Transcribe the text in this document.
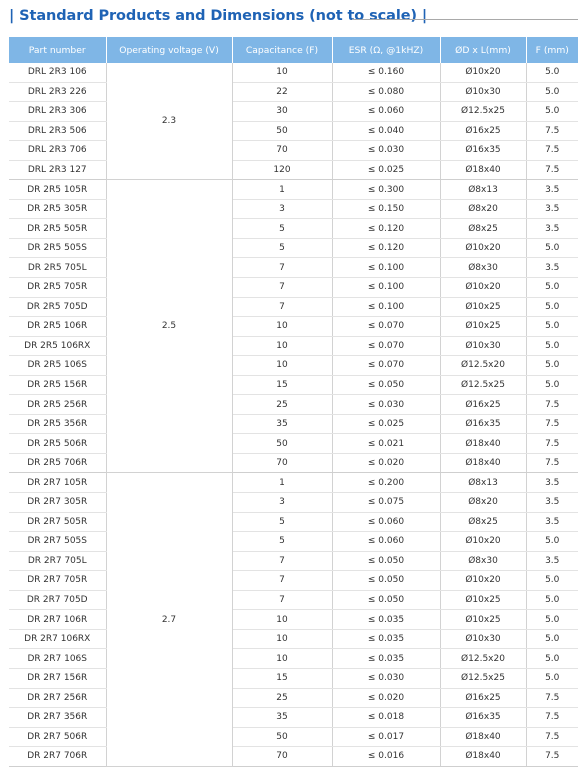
| Standard Products and Dimensions (not to scale) |
Part number	Operating voltage (V)	Capacitance (F)	ESR (Ω, @1kHZ)	ØD x L(mm)	F (mm)
DRL 2R3 106	2.3	10	≤ 0.160	Ø10x20	5.0
DRL 2R3 226		22	≤ 0.080	Ø10x30	5.0
DRL 2R3 306		30	≤ 0.060	Ø12.5x25	5.0
DRL 2R3 506		50	≤ 0.040	Ø16x25	7.5
DRL 2R3 706		70	≤ 0.030	Ø16x35	7.5
DRL 2R3 127		120	≤ 0.025	Ø18x40	7.5
DR 2R5 105R	2.5	1	≤ 0.300	Ø8x13	3.5
DR 2R5 305R		3	≤ 0.150	Ø8x20	3.5
DR 2R5 505R		5	≤ 0.120	Ø8x25	3.5
DR 2R5 505S		5	≤ 0.120	Ø10x20	5.0
DR 2R5 705L		7	≤ 0.100	Ø8x30	3.5
DR 2R5 705R		7	≤ 0.100	Ø10x20	5.0
DR 2R5 705D		7	≤ 0.100	Ø10x25	5.0
DR 2R5 106R		10	≤ 0.070	Ø10x25	5.0
DR 2R5 106RX		10	≤ 0.070	Ø10x30	5.0
DR 2R5 106S		10	≤ 0.070	Ø12.5x20	5.0
DR 2R5 156R		15	≤ 0.050	Ø12.5x25	5.0
DR 2R5 256R		25	≤ 0.030	Ø16x25	7.5
DR 2R5 356R		35	≤ 0.025	Ø16x35	7.5
DR 2R5 506R		50	≤ 0.021	Ø18x40	7.5
DR 2R5 706R		70	≤ 0.020	Ø18x40	7.5
DR 2R7 105R	2.7	1	≤ 0.200	Ø8x13	3.5
DR 2R7 305R		3	≤ 0.075	Ø8x20	3.5
DR 2R7 505R		5	≤ 0.060	Ø8x25	3.5
DR 2R7 505S		5	≤ 0.060	Ø10x20	5.0
DR 2R7 705L		7	≤ 0.050	Ø8x30	3.5
DR 2R7 705R		7	≤ 0.050	Ø10x20	5.0
DR 2R7 705D		7	≤ 0.050	Ø10x25	5.0
DR 2R7 106R		10	≤ 0.035	Ø10x25	5.0
DR 2R7 106RX		10	≤ 0.035	Ø10x30	5.0
DR 2R7 106S		10	≤ 0.035	Ø12.5x20	5.0
DR 2R7 156R		15	≤ 0.030	Ø12.5x25	5.0
DR 2R7 256R		25	≤ 0.020	Ø16x25	7.5
DR 2R7 356R		35	≤ 0.018	Ø16x35	7.5
DR 2R7 506R		50	≤ 0.017	Ø18x40	7.5
DR 2R7 706R		70	≤ 0.016	Ø18x40	7.5
